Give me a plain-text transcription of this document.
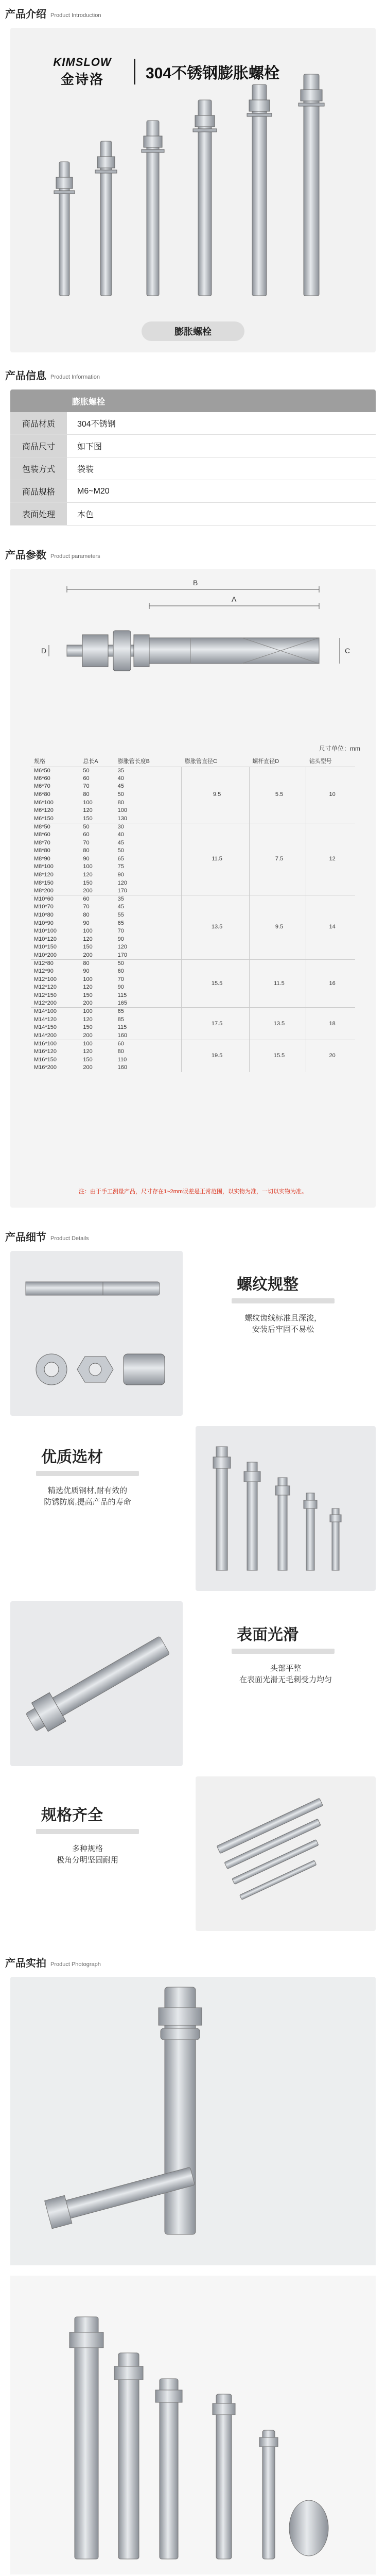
产品介绍 Product Introduction
KIMSLOW
金诗洛	304不锈钢膨胀螺栓
膨胀螺栓
产品信息 Product Information
膨胀螺栓
商品材质	304不锈钢
商品尺寸	如下图
包装方式	袋装
商品规格	M6~M20
表面处理	本色
产品参数 Product parameters
B
A
D	C
尺寸单位：mm
规格	总长A	膨胀管长度B	膨胀管直径C	螺杆直径D	钻头型号
M6*50	50	35	9.5	5.5	10
M6*60	60	40			
M6*70	70	45			
M6*80	80	50			
M6*100	100	80			
M6*120	120	100			
M6*150	150	130			
M8*50	50	30	11.5	7.5	12
M8*60	60	40			
M8*70	70	45			
M8*80	80	50			
M8*90	90	65			
M8*100	100	75			
M8*120	120	90			
M8*150	150	120			
M8*200	200	170			
M10*60	60	35	13.5	9.5	14
M10*70	70	45			
M10*80	80	55			
M10*90	90	65			
M10*100	100	70			
M10*120	120	90			
M10*150	150	120			
M10*200	200	170			
M12*80	80	50	15.5	11.5	16
M12*90	90	60			
M12*100	100	70			
M12*120	120	90			
M12*150	150	115			
M12*200	200	165			
M14*100	100	65	17.5	13.5	18
M14*120	120	85			
M14*150	150	115			
M14*200	200	160			
M16*100	100	60	19.5	15.5	20
M16*120	120	80			
M16*150	150	110			
M16*200	200	160			
注：由于手工测量产品，尺寸存在1~2mm误差是正常范围，以实物为准，一切以实物为准。
产品细节 Product Details
螺纹规整
螺纹齿线标准且深浚，
安装后牢固不易松
优质选材
精选优质钢材,耐有效的
防锈防腐,提高产品的寿命
表面光滑
头部平整
在表面光滑无毛刺受力均匀
规格齐全
多种规格
极角分明坚固耐用
产品实拍 Product Photograph
